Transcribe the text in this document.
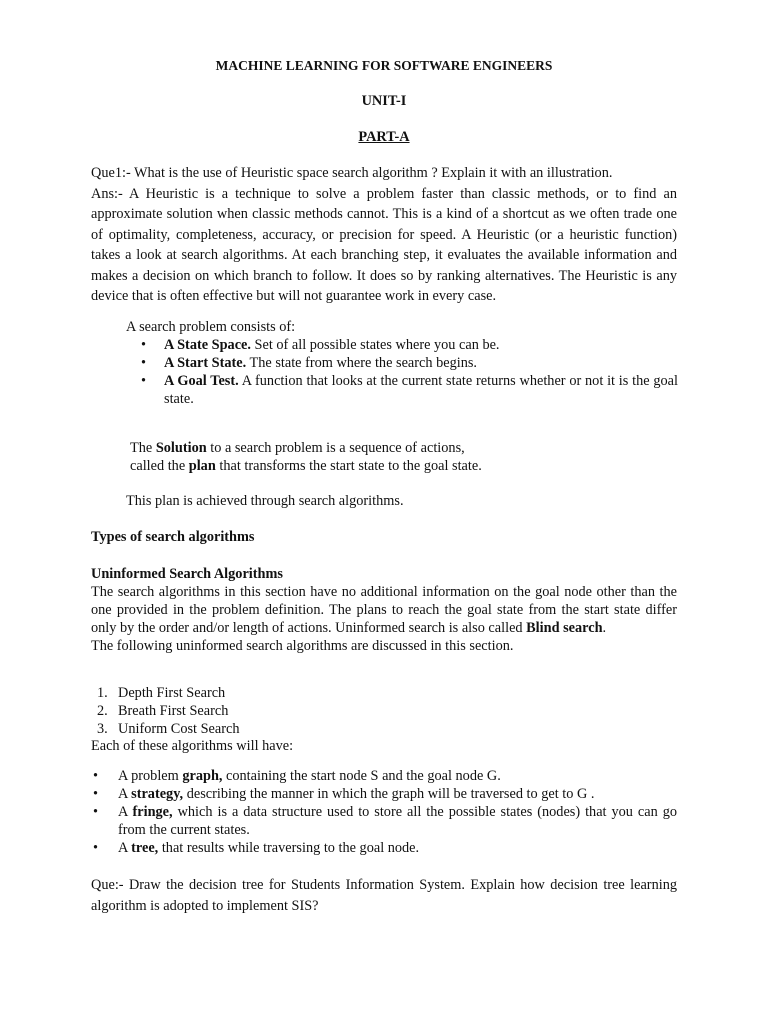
MACHINE LEARNING FOR SOFTWARE ENGINEERS
UNIT-I
PART-A

Que1:- What is the use of Heuristic space search algorithm ? Explain it with an illustration.

Ans:- A Heuristic is a technique to solve a problem faster than classic methods, or to find an approximate solution when classic methods cannot. This is a kind of a shortcut as we often trade one of optimality, completeness, accuracy, or precision for speed. A Heuristic (or a heuristic function) takes a look at search algorithms. At each branching step, it evaluates the available information and makes a decision on which branch to follow. It does so by ranking alternatives. The Heuristic is any device that is often effective but will not guarantee work in every case.

A search problem consists of:
• A State Space. Set of all possible states where you can be.
• A Start State. The state from where the search begins.
• A Goal Test. A function that looks at the current state returns whether or not it is the goal state.
The Solution to a search problem is a sequence of actions, called the plan that transforms the start state to the goal state.
This plan is achieved through search algorithms.
Types of search algorithms

Uninformed Search Algorithms

The search algorithms in this section have no additional information on the goal node other than the one provided in the problem definition. The plans to reach the goal state from the start state differ only by the order and/or length of actions. Uninformed search is also called Blind search.

The following uninformed search algorithms are discussed in this section.

1. Depth First Search
2. Breath First Search
3. Uniform Cost Search
Each of these algorithms will have:
• A problem graph, containing the start node S and the goal node G.
• A strategy, describing the manner in which the graph will be traversed to get to G .
• A fringe, which is a data structure used to store all the possible states (nodes) that you can go from the current states.
• A tree, that results while traversing to the goal node.
Que:- Draw the decision tree for Students Information System. Explain how decision tree learning algorithm is adopted to implement SIS?
